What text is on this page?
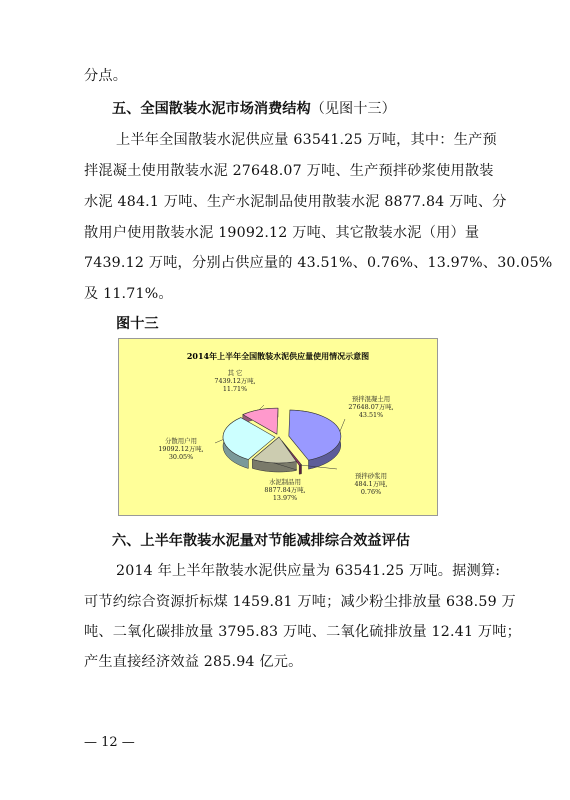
分点。
五、全国散装水泥市场消费结构（见图十三）
上半年全国散装水泥供应量 63541.25 万吨，其中：生产预
拌混凝土使用散装水泥 27648.07 万吨、生产预拌砂浆使用散装
水泥 484.1 万吨、生产水泥制品使用散装水泥 8877.84 万吨、分
散用户使用散装水泥 19092.12 万吨、其它散装水泥（用）量
7439.12 万吨，分别占供应量的 43.51%、0.76%、13.97%、30.05%
及 11.71%。
图十三
2014年上半年全国散装水泥供应量使用情况示意图
预拌混凝土用 27648.07万吨, 43.51%
预拌砂浆用 484.1万吨, 0.76%
水泥制品用 8877.84万吨, 13.97%
分散用户用 19092.12万吨, 30.05%
其 它 7439.12万吨, 11.71%
六、上半年散装水泥量对节能减排综合效益评估
2014 年上半年散装水泥供应量为 63541.25 万吨。据测算:
可节约综合资源折标煤 1459.81 万吨；减少粉尘排放量 638.59 万
吨、二氧化碳排放量 3795.83 万吨、二氧化硫排放量 12.41 万吨；
产生直接经济效益 285.94 亿元。
— 12 —
